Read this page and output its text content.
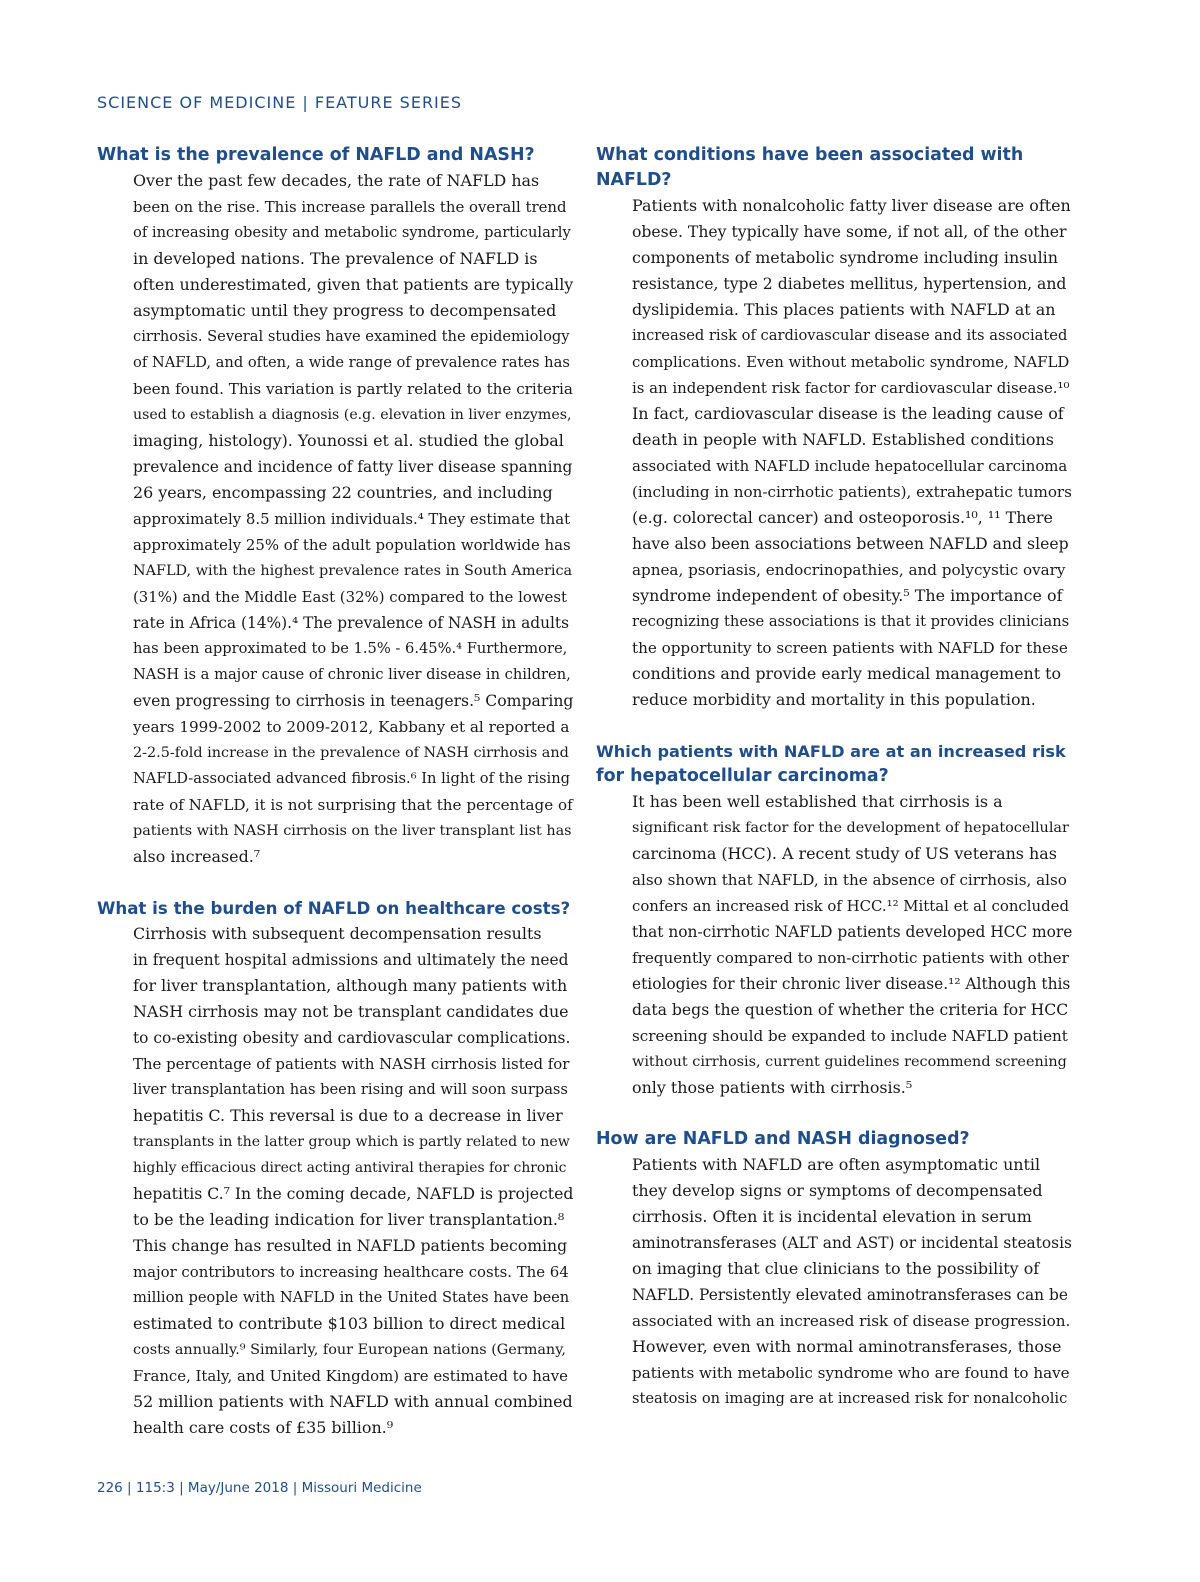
SCIENCE OF MEDICINE | FEATURE SERIES
What is the prevalence of NAFLD and NASH?

Over the past few decades, the rate of NAFLD has
been on the rise. This increase parallels the overall trend
of increasing obesity and metabolic syndrome, particularly
in developed nations. The prevalence of NAFLD is
often underestimated, given that patients are typically
asymptomatic until they progress to decompensated
cirrhosis. Several studies have examined the epidemiology
of NAFLD, and often, a wide range of prevalence rates has
been found. This variation is partly related to the criteria
used to establish a diagnosis (e.g. elevation in liver enzymes,
imaging, histology). Younossi et al. studied the global
prevalence and incidence of fatty liver disease spanning
26 years, encompassing 22 countries, and including
approximately 8.5 million individuals.⁴ They estimate that
approximately 25% of the adult population worldwide has
NAFLD, with the highest prevalence rates in South America
(31%) and the Middle East (32%) compared to the lowest
rate in Africa (14%).⁴ The prevalence of NASH in adults
has been approximated to be 1.5% - 6.45%.⁴ Furthermore,
NASH is a major cause of chronic liver disease in children,
even progressing to cirrhosis in teenagers.⁵ Comparing
years 1999-2002 to 2009-2012, Kabbany et al reported a
2-2.5-fold increase in the prevalence of NASH cirrhosis and
NAFLD-associated advanced fibrosis.⁶ In light of the rising
rate of NAFLD, it is not surprising that the percentage of
patients with NASH cirrhosis on the liver transplant list has
also increased.⁷

What is the burden of NAFLD on healthcare costs?

Cirrhosis with subsequent decompensation results
in frequent hospital admissions and ultimately the need
for liver transplantation, although many patients with
NASH cirrhosis may not be transplant candidates due
to co-existing obesity and cardiovascular complications.
The percentage of patients with NASH cirrhosis listed for
liver transplantation has been rising and will soon surpass
hepatitis C. This reversal is due to a decrease in liver
transplants in the latter group which is partly related to new
highly efficacious direct acting antiviral therapies for chronic
hepatitis C.⁷ In the coming decade, NAFLD is projected
to be the leading indication for liver transplantation.⁸
This change has resulted in NAFLD patients becoming
major contributors to increasing healthcare costs. The 64
million people with NAFLD in the United States have been
estimated to contribute $103 billion to direct medical
costs annually.⁹ Similarly, four European nations (Germany,
France, Italy, and United Kingdom) are estimated to have
52 million patients with NAFLD with annual combined
health care costs of £35 billion.⁹

What conditions have been associated with
NAFLD?

Patients with nonalcoholic fatty liver disease are often
obese. They typically have some, if not all, of the other
components of metabolic syndrome including insulin
resistance, type 2 diabetes mellitus, hypertension, and
dyslipidemia. This places patients with NAFLD at an
increased risk of cardiovascular disease and its associated
complications. Even without metabolic syndrome, NAFLD
is an independent risk factor for cardiovascular disease.¹⁰
In fact, cardiovascular disease is the leading cause of
death in people with NAFLD. Established conditions
associated with NAFLD include hepatocellular carcinoma
(including in non-cirrhotic patients), extrahepatic tumors
(e.g. colorectal cancer) and osteoporosis.¹⁰, ¹¹ There
have also been associations between NAFLD and sleep
apnea, psoriasis, endocrinopathies, and polycystic ovary
syndrome independent of obesity.⁵ The importance of
recognizing these associations is that it provides clinicians
the opportunity to screen patients with NAFLD for these
conditions and provide early medical management to
reduce morbidity and mortality in this population.

Which patients with NAFLD are at an increased risk
for hepatocellular carcinoma?

It has been well established that cirrhosis is a
significant risk factor for the development of hepatocellular
carcinoma (HCC). A recent study of US veterans has
also shown that NAFLD, in the absence of cirrhosis, also
confers an increased risk of HCC.¹² Mittal et al concluded
that non-cirrhotic NAFLD patients developed HCC more
frequently compared to non-cirrhotic patients with other
etiologies for their chronic liver disease.¹² Although this
data begs the question of whether the criteria for HCC
screening should be expanded to include NAFLD patient
without cirrhosis, current guidelines recommend screening
only those patients with cirrhosis.⁵

How are NAFLD and NASH diagnosed?

Patients with NAFLD are often asymptomatic until
they develop signs or symptoms of decompensated
cirrhosis. Often it is incidental elevation in serum
aminotransferases (ALT and AST) or incidental steatosis
on imaging that clue clinicians to the possibility of
NAFLD. Persistently elevated aminotransferases can be
associated with an increased risk of disease progression.
However, even with normal aminotransferases, those
patients with metabolic syndrome who are found to have
steatosis on imaging are at increased risk for nonalcoholic

226 | 115:3 | May/June 2018 | Missouri Medicine
